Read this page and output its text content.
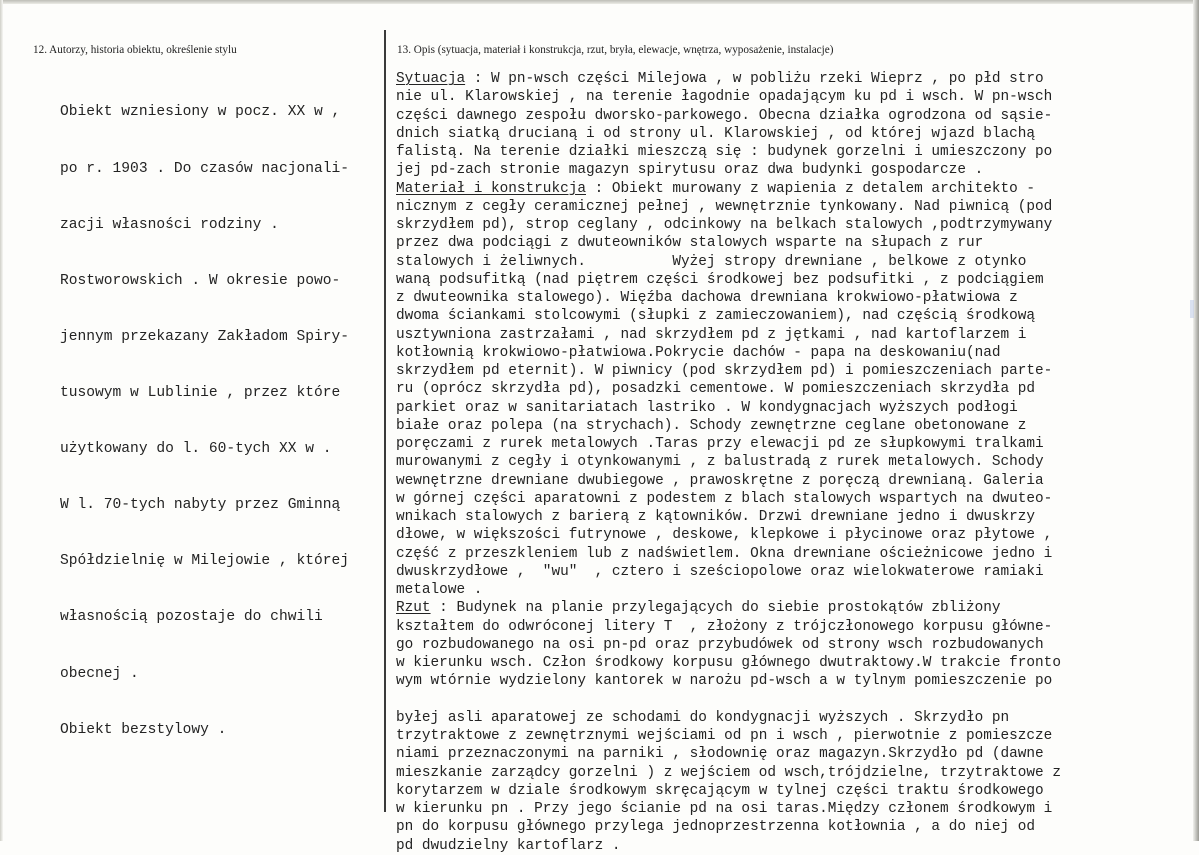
12. Autorzy, historia obiektu, określenie stylu	13. Opis (sytuacja, materiał i konstrukcja, rzut, bryła, elewacje, wnętrza, wyposażenie, instalacje)

Obiekt wzniesiony w pocz. XX w ,

po r. 1903 . Do czasów nacjonali-

zacji własności rodziny .

Rostworowskich . W okresie powo-

jennym przekazany Zakładom Spiry-

tusowym w Lublinie , przez które

użytkowany do l. 60-tych XX w .

W l. 70-tych nabyty przez Gminną

Spółdzielnię w Milejowie , której

własnością pozostaje do chwili

obecnej .

Obiekt bezstylowy .

Sytuacja : W pn-wsch części Milejowa , w pobliżu rzeki Wieprz , po płd stro
nie ul. Klarowskiej , na terenie łagodnie opadającym ku pd i wsch. W pn-wsch
części dawnego zespołu dworsko-parkowego. Obecna działka ogrodzona od sąsie-
dnich siatką drucianą i od strony ul. Klarowskiej , od której wjazd blachą
falistą. Na terenie działki mieszczą się : budynek gorzelni i umieszczony po
jej pd-zach stronie magazyn spirytusu oraz dwa budynki gospodarcze .
Materiał i konstrukcja : Obiekt murowany z wapienia z detalem architekto -
nicznym z cegły ceramicznej pełnej , wewnętrznie tynkowany. Nad piwnicą (pod
skrzydłem pd), strop ceglany , odcinkowy na belkach stalowych ,podtrzymywany
przez dwa podciągi z dwuteowników stalowych wsparte na słupach z rur
stalowych i żeliwnych.          Wyżej stropy drewniane , belkowe z otynko
waną podsufitką (nad piętrem części środkowej bez podsufitki , z podciągiem
z dwuteownika stalowego). Więźba dachowa drewniana krokwiowo-płatwiowa z
dwoma ściankami stolcowymi (słupki z zamieczowaniem), nad częścią środkową
usztywniona zastrzałami , nad skrzydłem pd z jętkami , nad kartoflarzem i
kotłownią krokwiowo-płatwiowa.Pokrycie dachów - papa na deskowaniu(nad
skrzydłem pd eternit). W piwnicy (pod skrzydłem pd) i pomieszczeniach parte-
ru (oprócz skrzydła pd), posadzki cementowe. W pomieszczeniach skrzydła pd
parkiet oraz w sanitariatach lastriko . W kondygnacjach wyższych podłogi
białe oraz polepa (na strychach). Schody zewnętrzne ceglane obetonowane z
poręczami z rurek metalowych .Taras przy elewacji pd ze słupkowymi tralkami
murowanymi z cegły i otynkowanymi , z balustradą z rurek metalowych. Schody
wewnętrzne drewniane dwubiegowe , prawoskrętne z poręczą drewnianą. Galeria
w górnej części aparatowni z podestem z blach stalowych wspartych na dwuteo-
wnikach stalowych z barierą z kątowników. Drzwi drewniane jedno i dwuskrzy
dłowe, w większości futrynowe , deskowe, klepkowe i płycinowe oraz płytowe ,
część z przeszkleniem lub z nadświetlem. Okna drewniane ościeżnicowe jedno i
dwuskrzydłowe ,  "wu"  , cztero i sześciopolowe oraz wielokwaterowe ramiaki
metalowe .
Rzut : Budynek na planie przylegających do siebie prostokątów zbliżony
kształtem do odwróconej litery T  , złożony z trójczłonowego korpusu główne-
go rozbudowanego na osi pn-pd oraz przybudówek od strony wsch rozbudowanych
w kierunku wsch. Człon środkowy korpusu głównego dwutraktowy.W trakcie fronto
wym wtórnie wydzielony kantorek w narożu pd-wsch a w tylnym pomieszczenie po

byłej asli aparatowej ze schodami do kondygnacji wyższych . Skrzydło pn
trzytraktowe z zewnętrznymi wejściami od pn i wsch , pierwotnie z pomieszcze
niami przeznaczonymi na parniki , słodownię oraz magazyn.Skrzydło pd (dawne
mieszkanie zarządcy gorzelni ) z wejściem od wsch,trójdzielne, trzytraktowe z
korytarzem w dziale środkowym skręcającym w tylnej części traktu środkowego
w kierunku pn . Przy jego ścianie pd na osi taras.Między członem środkowym i
pn do korpusu głównego przylega jednoprzestrzenna kotłownia , a do niej od
pd dwudzielny kartoflarz .
